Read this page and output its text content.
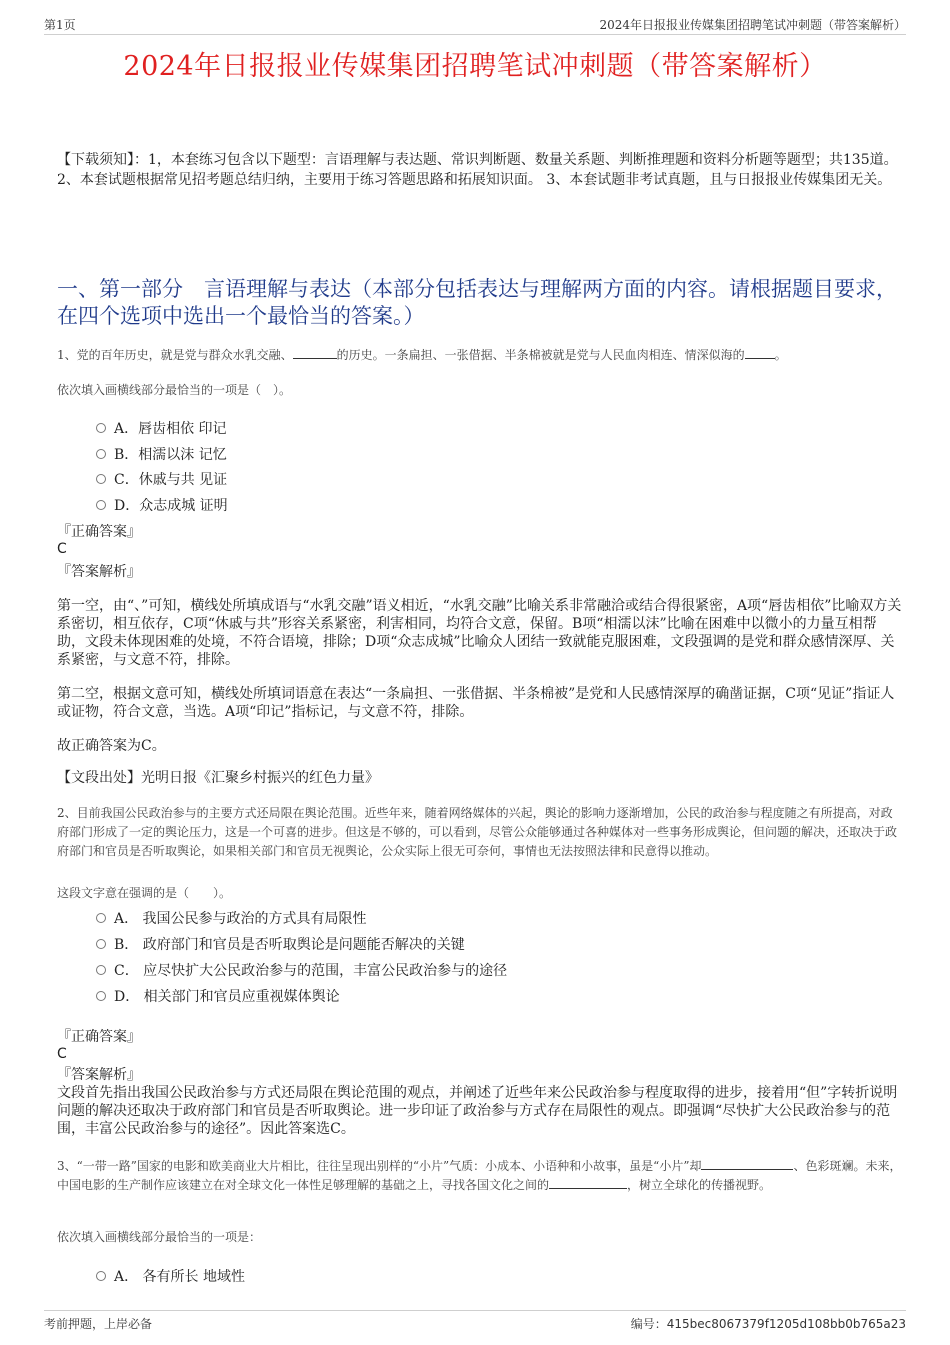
第1页	2024年日报报业传媒集团招聘笔试冲刺题（带答案解析）
2024年日报报业传媒集团招聘笔试冲刺题（带答案解析）
【下载须知】：1，本套练习包含以下题型：言语理解与表达题、常识判断题、数量关系题、判断推理题和资料分析题等题型；共135道。 2、本套试题根据常见招考题总结归纳，主要用于练习答题思路和拓展知识面。 3、本套试题非考试真题，且与日报报业传媒集团无关。
一、第一部分　言语理解与表达（本部分包括表达与理解两方面的内容。请根据题目要求，在四个选项中选出一个最恰当的答案。）
1、党的百年历史，就是党与群众水乳交融、	的历史。一条扁担、一张借据、半条棉被就是党与人民血肉相连、情深似海的	。
依次填入画横线部分最恰当的一项是（　）。
A．唇齿相依 印记
B．相濡以沫 记忆
C．休戚与共 见证
D．众志成城 证明
『正确答案』
C
『答案解析』
第一空，由“、”可知，横线处所填成语与“水乳交融”语义相近，“水乳交融”比喻关系非常融洽或结合得很紧密，A项“唇齿相依”比喻双方关系密切，相互依存，C项“休戚与共”形容关系紧密，利害相同，均符合文意，保留。B项“相濡以沫”比喻在困难中以微小的力量互相帮助，文段未体现困难的处境，不符合语境，排除；D项“众志成城”比喻众人团结一致就能克服困难，文段强调的是党和群众感情深厚、关系紧密，与文意不符，排除。
第二空，根据文意可知，横线处所填词语意在表达“一条扁担、一张借据、半条棉被”是党和人民感情深厚的确凿证据，C项“见证”指证人或证物，符合文意，当选。A项“印记”指标记，与文意不符，排除。
故正确答案为C。
【文段出处】光明日报《汇聚乡村振兴的红色力量》
2、目前我国公民政治参与的主要方式还局限在舆论范围。近些年来，随着网络媒体的兴起，舆论的影响力逐渐增加，公民的政治参与程度随之有所提高，对政府部门形成了一定的舆论压力，这是一个可喜的进步。但这是不够的，可以看到，尽管公众能够通过各种媒体对一些事务形成舆论，但问题的解决，还取决于政府部门和官员是否听取舆论，如果相关部门和官员无视舆论，公众实际上很无可奈何，事情也无法按照法律和民意得以推动。
这段文字意在强调的是（　　）。
A． 我国公民参与政治的方式具有局限性
B． 政府部门和官员是否听取舆论是问题能否解决的关键
C． 应尽快扩大公民政治参与的范围，丰富公民政治参与的途径
D． 相关部门和官员应重视媒体舆论
『正确答案』
C
『答案解析』
文段首先指出我国公民政治参与方式还局限在舆论范围的观点，并阐述了近些年来公民政治参与程度取得的进步，接着用“但”字转折说明问题的解决还取决于政府部门和官员是否听取舆论。进一步印证了政治参与方式存在局限性的观点。即强调“尽快扩大公民政治参与的范围，丰富公民政治参与的途径”。因此答案选C。
3、“一带一路”国家的电影和欧美商业大片相比，往往呈现出别样的“小片”气质：小成本、小语种和小故事，虽是“小片”却	、色彩斑斓。未来，中国电影的生产制作应该建立在对全球文化一体性足够理解的基础之上，寻找各国文化之间的	，树立全球化的传播视野。
依次填入画横线部分最恰当的一项是：
A． 各有所长 地域性
考前押题，上岸必备	编号：415bec8067379f1205d108bb0b765a23
